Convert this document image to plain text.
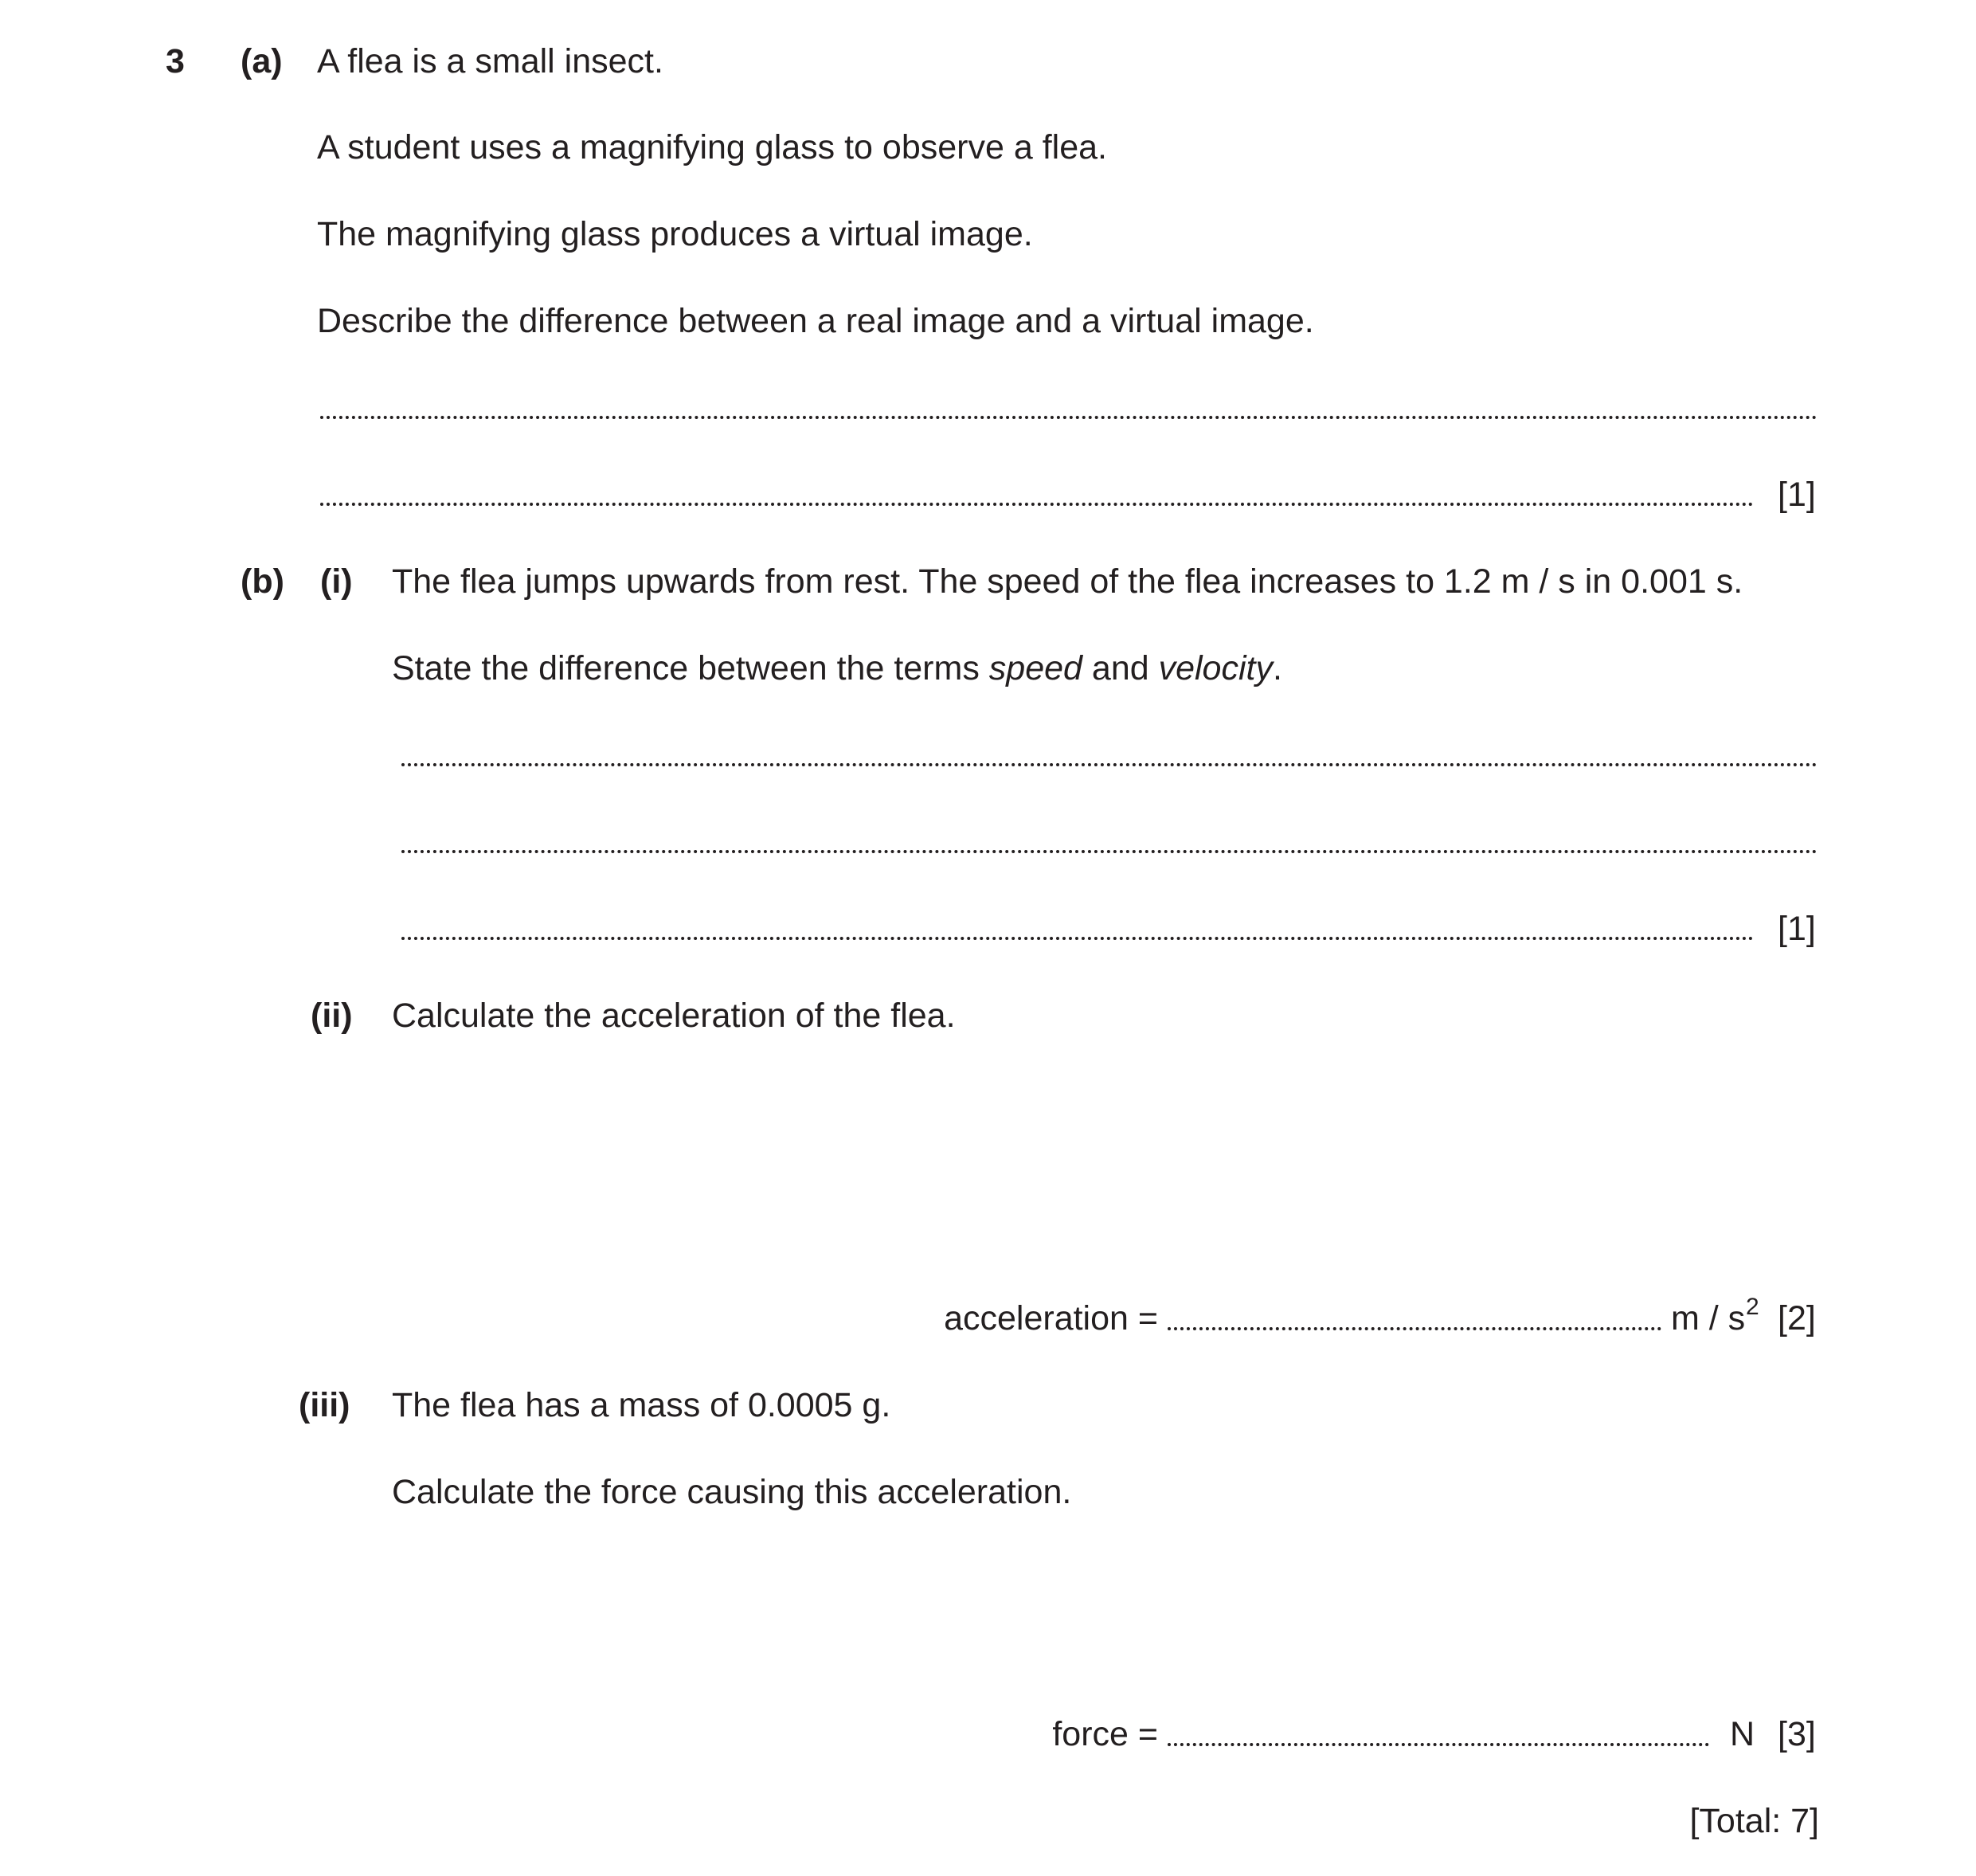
3 (a) A flea is a small insect.
A student uses a magnifying glass to observe a flea.
The magnifying glass produces a virtual image.
Describe the difference between a real image and a virtual image.
[1]
(b) (i) The flea jumps upwards from rest. The speed of the flea increases to 1.2 m / s in 0.001 s.
State the difference between the terms speed and velocity.
[1]
(ii) Calculate the acceleration of the flea.
acceleration =	m / s 2 [2]
(iii) The flea has a mass of 0.0005 g.
Calculate the force causing this acceleration.
force =	N [3]
[Total: 7]
